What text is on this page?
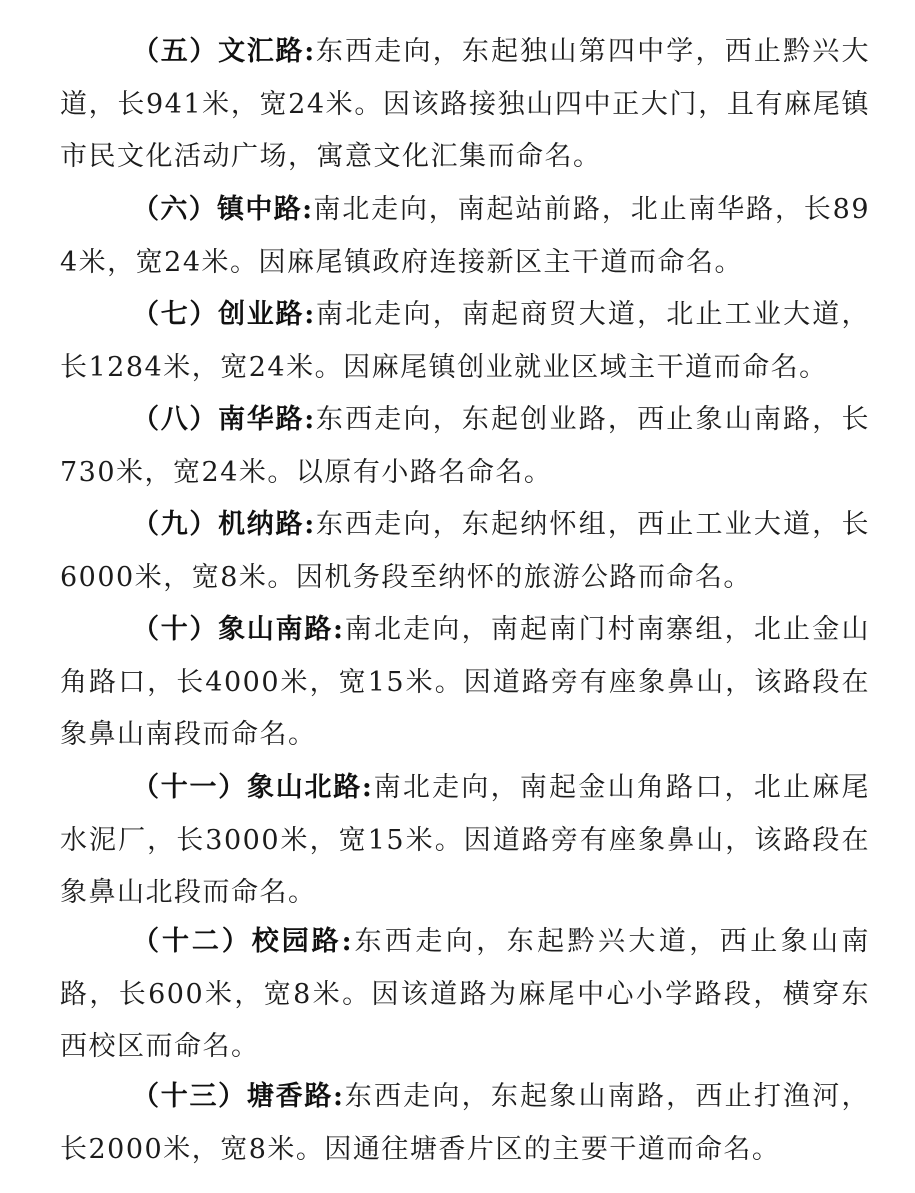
（五）文汇路:东西走向，东起独山第四中学，西止黔兴大道，长941米，宽24米。因该路接独山四中正大门，且有麻尾镇市民文化活动广场，寓意文化汇集而命名。

（六）镇中路:南北走向，南起站前路，北止南华路，长894米，宽24米。因麻尾镇政府连接新区主干道而命名。

（七）创业路:南北走向，南起商贸大道，北止工业大道，长1284米，宽24米。因麻尾镇创业就业区域主干道而命名。

（八）南华路:东西走向，东起创业路，西止象山南路，长730米，宽24米。以原有小路名命名。

（九）机纳路:东西走向，东起纳怀组，西止工业大道，长6000米，宽8米。因机务段至纳怀的旅游公路而命名。

（十）象山南路:南北走向，南起南门村南寨组，北止金山角路口，长4000米，宽15米。因道路旁有座象鼻山，该路段在象鼻山南段而命名。

（十一）象山北路:南北走向，南起金山角路口，北止麻尾水泥厂，长3000米，宽15米。因道路旁有座象鼻山，该路段在象鼻山北段而命名。

（十二）校园路:东西走向，东起黔兴大道，西止象山南路，长600米，宽8米。因该道路为麻尾中心小学路段，横穿东西校区而命名。

（十三）塘香路:东西走向，东起象山南路，西止打渔河，长2000米，宽8米。因通往塘香片区的主要干道而命名。
